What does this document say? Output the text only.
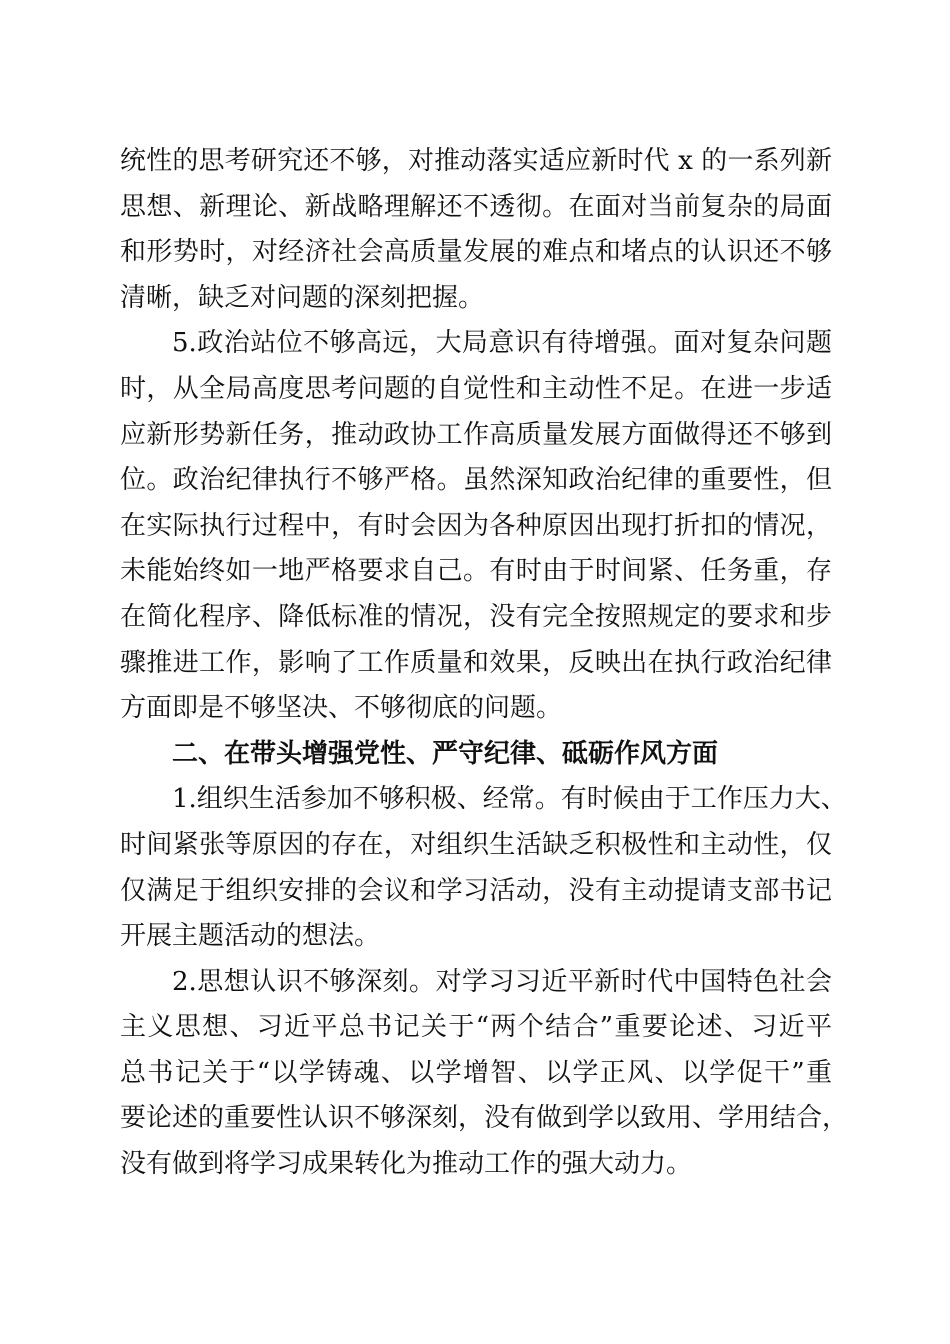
统性的思考研究还不够，对推动落实适应新时代 x 的一系列新
思想、新理论、新战略理解还不透彻。在面对当前复杂的局面
和形势时，对经济社会高质量发展的难点和堵点的认识还不够
清晰，缺乏对问题的深刻把握。
5.政治站位不够高远，大局意识有待增强。面对复杂问题
时，从全局高度思考问题的自觉性和主动性不足。在进一步适
应新形势新任务，推动政协工作高质量发展方面做得还不够到
位。政治纪律执行不够严格。虽然深知政治纪律的重要性，但
在实际执行过程中，有时会因为各种原因出现打折扣的情况，
未能始终如一地严格要求自己。有时由于时间紧、任务重，存
在简化程序、降低标准的情况，没有完全按照规定的要求和步
骤推进工作，影响了工作质量和效果，反映出在执行政治纪律
方面即是不够坚决、不够彻底的问题。
二、在带头增强党性、严守纪律、砥砺作风方面
1.组织生活参加不够积极、经常。有时候由于工作压力大、
时间紧张等原因的存在，对组织生活缺乏积极性和主动性，仅
仅满足于组织安排的会议和学习活动，没有主动提请支部书记
开展主题活动的想法。
2.思想认识不够深刻。对学习习近平新时代中国特色社会
主义思想、习近平总书记关于“两个结合”重要论述、习近平
总书记关于“以学铸魂、以学增智、以学正风、以学促干”重
要论述的重要性认识不够深刻，没有做到学以致用、学用结合，
没有做到将学习成果转化为推动工作的强大动力。
